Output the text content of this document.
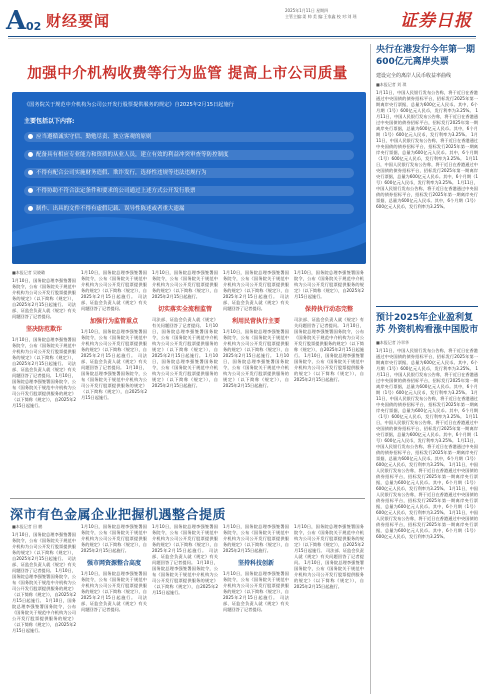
A 02 财经要闻
2025年1月11日 星期四
主管主编:姜 帅 美 编:王家鑫 校 对:刘 瑶	证券日报
加强中介机构收费等行为监管 提高上市公司质量
《国务院关于规范中介机构为公司公开发行股票提供服务的规定》自2025年2月15日起施行
主要包括以下内容:
应当遵循诚实守信、勤勉尽责、独立客观的原则
配备具有相应专业能力和资质的从业人员，建立有效的利益冲突审查等防控制度
不得有配合公司实施财务造假、欺诈发行，选择性违规等违法违规行为
不得协助不符合法定条件和要求的公司通过上述方式公开发行股票
制作、出具的文件不得有虚假记载、误导性陈述或者重大遗漏
■本报记者 吴晓璐
1月10日，国务院总理李强签署国务院令，公布《国务院关于规范中介机构为公司公开发行股票提供服务的规定》（以下简称《规定》），自2025年2月15日起施行。 司法部、证监会负责人就《规定》有关问题回答了记者提问。
坚决防范欺诈
1月10日，国务院总理李强签署国务院令，公布《国务院关于规范中介机构为公司公开发行股票提供服务的规定》（以下简称《规定》），自2025年2月15日起施行。 司法部、证监会负责人就《规定》有关问题回答了记者提问。 1月10日，国务院总理李强签署国务院令，公布《国务院关于规范中介机构为公司公开发行股票提供服务的规定》（以下简称《规定》），自2025年2月15日起施行。
1月10日，国务院总理李强签署国务院令，公布《国务院关于规范中介机构为公司公开发行股票提供服务的规定》（以下简称《规定》），自2025年2月15日起施行。 司法部、证监会负责人就《规定》有关问题回答了记者提问。
加强行为监管重点
1月10日，国务院总理李强签署国务院令，公布《国务院关于规范中介机构为公司公开发行股票提供服务的规定》（以下简称《规定》），自2025年2月15日起施行。 司法部、证监会负责人就《规定》有关问题回答了记者提问。 1月10日，国务院总理李强签署国务院令，公布《国务院关于规范中介机构为公司公开发行股票提供服务的规定》（以下简称《规定》），自2025年2月15日起施行。
1月10日，国务院总理李强签署国务院令，公布《国务院关于规范中介机构为公司公开发行股票提供服务的规定》（以下简称《规定》），自2025年2月15日起施行。
切实落实全流程监管
司法部、证监会负责人就《规定》有关问题回答了记者提问。 1月10日，国务院总理李强签署国务院令，公布《国务院关于规范中介机构为公司公开发行股票提供服务的规定》（以下简称《规定》），自2025年2月15日起施行。 1月10日，国务院总理李强签署国务院令，公布《国务院关于规范中介机构为公司公开发行股票提供服务的规定》（以下简称《规定》），自2025年2月15日起施行。
1月10日，国务院总理李强签署国务院令，公布《国务院关于规范中介机构为公司公开发行股票提供服务的规定》（以下简称《规定》），自2025年2月15日起施行。 司法部、证监会负责人就《规定》有关问题回答了记者提问。
利用民营执行主要
1月10日，国务院总理李强签署国务院令，公布《国务院关于规范中介机构为公司公开发行股票提供服务的规定》（以下简称《规定》），自2025年2月15日起施行。 1月10日，国务院总理李强签署国务院令，公布《国务院关于规范中介机构为公司公开发行股票提供服务的规定》（以下简称《规定》），自2025年2月15日起施行。
1月10日，国务院总理李强签署国务院令，公布《国务院关于规范中介机构为公司公开发行股票提供服务的规定》（以下简称《规定》），自2025年2月15日起施行。
保持执行动态完整
司法部、证监会负责人就《规定》有关问题回答了记者提问。 1月10日，国务院总理李强签署国务院令，公布《国务院关于规范中介机构为公司公开发行股票提供服务的规定》（以下简称《规定》），自2025年2月15日起施行。 1月10日，国务院总理李强签署国务院令，公布《国务院关于规范中介机构为公司公开发行股票提供服务的规定》（以下简称《规定》），自2025年2月15日起施行。
央行在港发行今年第一期600亿元离岸央票
建设完全的离岸人民币收益率曲线
■本报记者 刘 琪
1月11日，中国人民银行发布公告称，将于近日在香港通过中央国债的债券招标平台，招标发行2025年第一期离岸央行票据，总量为600亿元人民币。其中，6个月期（1号）600亿元人民币，发行利率为3.25%。 1月11日，中国人民银行发布公告称，将于近日在香港通过中央国债的债券招标平台，招标发行2025年第一期离岸央行票据，总量为600亿元人民币。其中，6个月期（1号）600亿元人民币，发行利率为3.25%。 1月11日，中国人民银行发布公告称，将于近日在香港通过中央国债的债券招标平台，招标发行2025年第一期离岸央行票据，总量为600亿元人民币。其中，6个月期（1号）600亿元人民币，发行利率为3.25%。 1月11日，中国人民银行发布公告称，将于近日在香港通过中央国债的债券招标平台，招标发行2025年第一期离岸央行票据，总量为600亿元人民币。其中，6个月期（1号）600亿元人民币，发行利率为3.25%。 1月11日，中国人民银行发布公告称，将于近日在香港通过中央国债的债券招标平台，招标发行2025年第一期离岸央行票据，总量为600亿元人民币。其中，6个月期（1号）600亿元人民币，发行利率为3.25%。
预计2025年企业盈利复苏 外资机构看涨中国股市
■本报记者 冷翠华
1月11日，中国人民银行发布公告称，将于近日在香港通过中央国债的债券招标平台，招标发行2025年第一期离岸央行票据，总量为600亿元人民币。其中，6个月期（1号）600亿元人民币，发行利率为3.25%。 1月11日，中国人民银行发布公告称，将于近日在香港通过中央国债的债券招标平台，招标发行2025年第一期离岸央行票据，总量为600亿元人民币。其中，6个月期（1号）600亿元人民币，发行利率为3.25%。 1月11日，中国人民银行发布公告称，将于近日在香港通过中央国债的债券招标平台，招标发行2025年第一期离岸央行票据，总量为600亿元人民币。其中，6个月期（1号）600亿元人民币，发行利率为3.25%。 1月11日，中国人民银行发布公告称，将于近日在香港通过中央国债的债券招标平台，招标发行2025年第一期离岸央行票据，总量为600亿元人民币。其中，6个月期（1号）600亿元人民币，发行利率为3.25%。 1月11日，中国人民银行发布公告称，将于近日在香港通过中央国债的债券招标平台，招标发行2025年第一期离岸央行票据，总量为600亿元人民币。其中，6个月期（1号）600亿元人民币，发行利率为3.25%。 1月11日，中国人民银行发布公告称，将于近日在香港通过中央国债的债券招标平台，招标发行2025年第一期离岸央行票据，总量为600亿元人民币。其中，6个月期（1号）600亿元人民币，发行利率为3.25%。 1月11日，中国人民银行发布公告称，将于近日在香港通过中央国债的债券招标平台，招标发行2025年第一期离岸央行票据，总量为600亿元人民币。其中，6个月期（1号）600亿元人民币，发行利率为3.25%。 1月11日，中国人民银行发布公告称，将于近日在香港通过中央国债的债券招标平台，招标发行2025年第一期离岸央行票据，总量为600亿元人民币。其中，6个月期（1号）600亿元人民币，发行利率为3.25%。
深市有色金属企业把握机遇整合提质
■本报记者 田 鹏
1月10日，国务院总理李强签署国务院令，公布《国务院关于规范中介机构为公司公开发行股票提供服务的规定》（以下简称《规定》），自2025年2月15日起施行。 司法部、证监会负责人就《规定》有关问题回答了记者提问。 1月10日，国务院总理李强签署国务院令，公布《国务院关于规范中介机构为公司公开发行股票提供服务的规定》（以下简称《规定》），自2025年2月15日起施行。 1月10日，国务院总理李强签署国务院令，公布《国务院关于规范中介机构为公司公开发行股票提供服务的规定》（以下简称《规定》），自2025年2月15日起施行。
1月10日，国务院总理李强签署国务院令，公布《国务院关于规范中介机构为公司公开发行股票提供服务的规定》（以下简称《规定》），自2025年2月15日起施行。
强市网资源整合高度
1月10日，国务院总理李强签署国务院令，公布《国务院关于规范中介机构为公司公开发行股票提供服务的规定》（以下简称《规定》），自2025年2月15日起施行。 司法部、证监会负责人就《规定》有关问题回答了记者提问。
1月10日，国务院总理李强签署国务院令，公布《国务院关于规范中介机构为公司公开发行股票提供服务的规定》（以下简称《规定》），自2025年2月15日起施行。 司法部、证监会负责人就《规定》有关问题回答了记者提问。 1月10日，国务院总理李强签署国务院令，公布《国务院关于规范中介机构为公司公开发行股票提供服务的规定》（以下简称《规定》），自2025年2月15日起施行。
1月10日，国务院总理李强签署国务院令，公布《国务院关于规范中介机构为公司公开发行股票提供服务的规定》（以下简称《规定》），自2025年2月15日起施行。
坚持科技创新
1月10日，国务院总理李强签署国务院令，公布《国务院关于规范中介机构为公司公开发行股票提供服务的规定》（以下简称《规定》），自2025年2月15日起施行。 司法部、证监会负责人就《规定》有关问题回答了记者提问。
1月10日，国务院总理李强签署国务院令，公布《国务院关于规范中介机构为公司公开发行股票提供服务的规定》（以下简称《规定》），自2025年2月15日起施行。 司法部、证监会负责人就《规定》有关问题回答了记者提问。 1月10日，国务院总理李强签署国务院令，公布《国务院关于规范中介机构为公司公开发行股票提供服务的规定》（以下简称《规定》），自2025年2月15日起施行。
